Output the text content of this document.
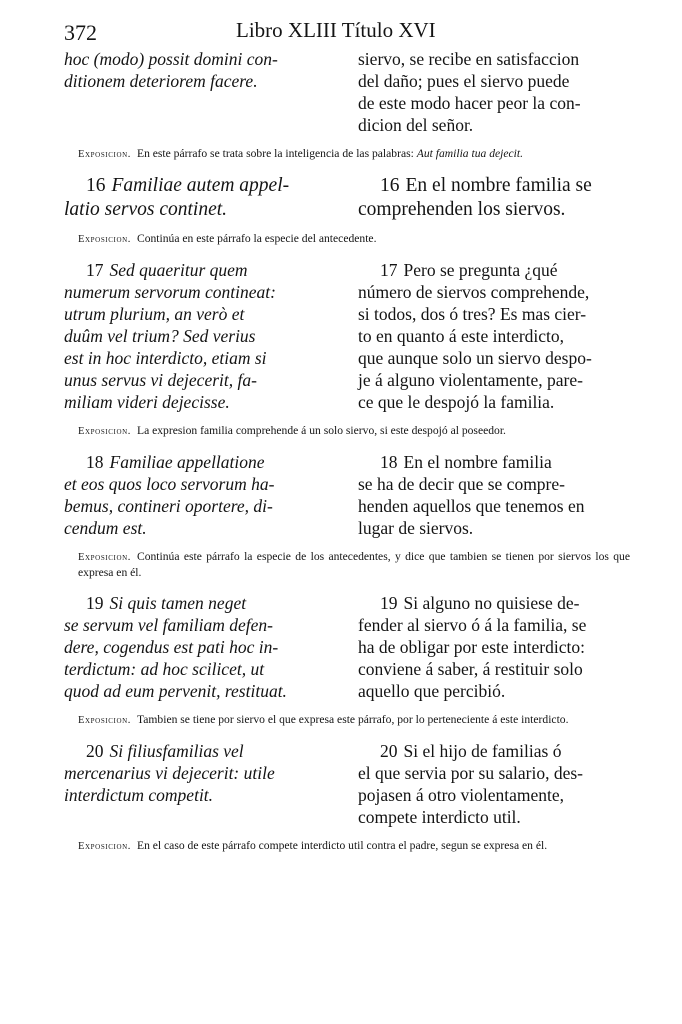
372	Libro XLIII Título XVI
hoc (modo) possit domini con-
ditionem deteriorem facere.
siervo, se recibe en satisfaccion
del daño; pues el siervo puede
de este modo hacer peor la con-
dicion del señor.
Exposicion. En este párrafo se trata sobre la inteligencia de las palabras: Aut familia tua dejecit.
16 Familiae autem appel-
latio servos continet.
16 En el nombre familia se
comprehenden los siervos.
Exposicion. Continúa en este párrafo la especie del antecedente.
17 Sed quaeritur quem
numerum servorum contineat:
utrum plurium, an verò et
duûm vel trium? Sed verius
est in hoc interdicto, etiam si
unus servus vi dejecerit, fa-
miliam videri dejecisse.
17 Pero se pregunta ¿qué
número de siervos comprehende,
si todos, dos ó tres? Es mas cier-
to en quanto á este interdicto,
que aunque solo un siervo despo-
je á alguno violentamente, pare-
ce que le despojó la familia.
Exposicion. La expresion familia comprehende á un solo siervo, si este despojó al poseedor.
18 Familiae appellatione
et eos quos loco servorum ha-
bemus, contineri oportere, di-
cendum est.
18 En el nombre familia
se ha de decir que se compre-
henden aquellos que tenemos en
lugar de siervos.
Exposicion. Continúa este párrafo la especie de los antecedentes, y dice que tambien se tienen por siervos los que expresa en él.
19 Si quis tamen neget
se servum vel familiam defen-
dere, cogendus est pati hoc in-
terdictum: ad hoc scilicet, ut
quod ad eum pervenit, restituat.
19 Si alguno no quisiese de-
fender al siervo ó á la familia, se
ha de obligar por este interdicto:
conviene á saber, á restituir solo
aquello que percibió.
Exposicion. Tambien se tiene por siervo el que expresa este párrafo, por lo perteneciente á este interdicto.
20 Si filiusfamilias vel
mercenarius vi dejecerit: utile
interdictum competit.
20 Si el hijo de familias ó
el que servia por su salario, des-
pojasen á otro violentamente,
compete interdicto util.
Exposicion. En el caso de este párrafo compete interdicto util contra el padre, segun se expresa en él.
